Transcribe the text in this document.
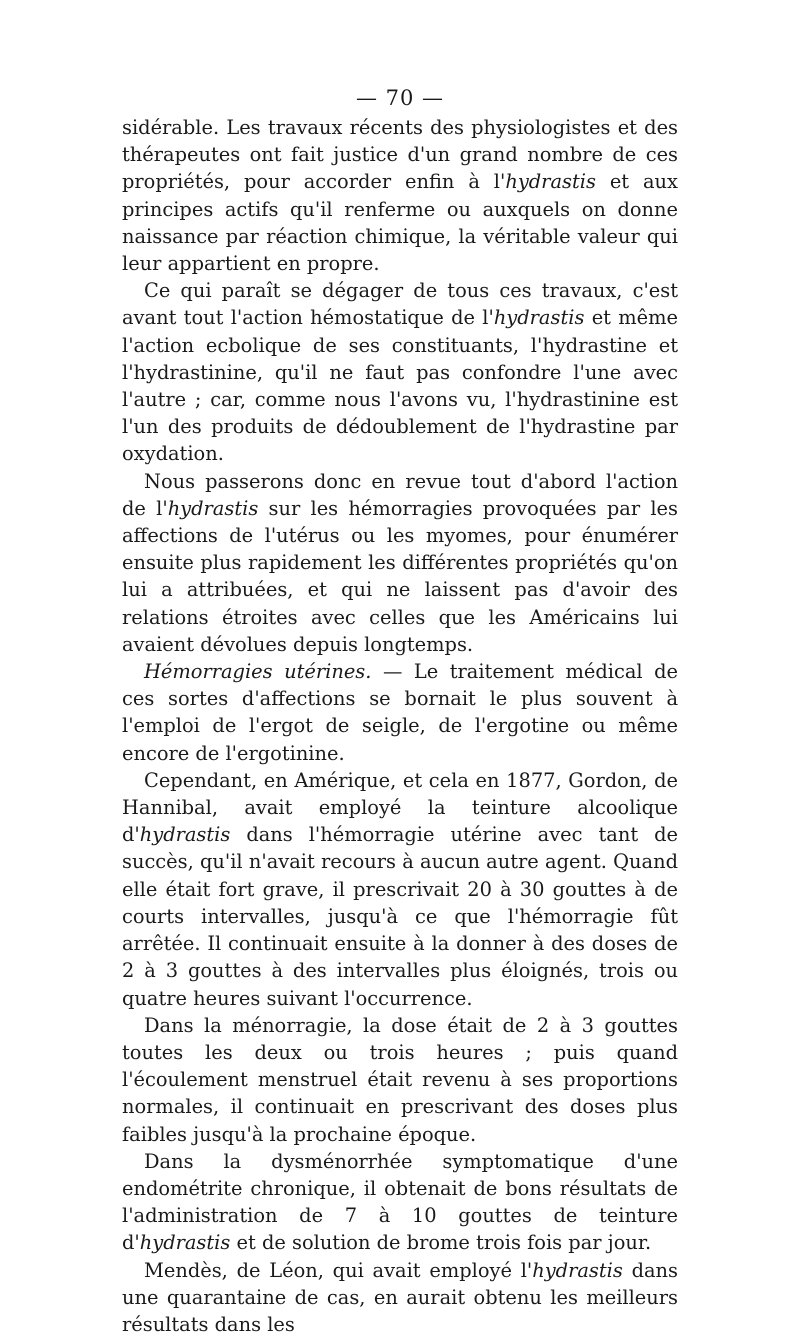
— 70 —

sidérable. Les travaux récents des physiologistes et des thérapeutes ont fait justice d'un grand nombre de ces propriétés, pour accorder enfin à l'hydrastis et aux principes actifs qu'il renferme ou auxquels on donne naissance par réaction chimique, la véritable valeur qui leur appartient en propre.

Ce qui paraît se dégager de tous ces travaux, c'est avant tout l'action hémostatique de l'hydrastis et même l'action ecbolique de ses constituants, l'hydrastine et l'hydrastinine, qu'il ne faut pas confondre l'une avec l'autre ; car, comme nous l'avons vu, l'hydrastinine est l'un des produits de dédoublement de l'hydrastine par oxydation.

Nous passerons donc en revue tout d'abord l'action de l'hydrastis sur les hémorragies provoquées par les affections de l'utérus ou les myomes, pour énumérer ensuite plus rapidement les différentes propriétés qu'on lui a attribuées, et qui ne laissent pas d'avoir des relations étroites avec celles que les Américains lui avaient dévolues depuis longtemps.

Hémorragies utérines. — Le traitement médical de ces sortes d'affections se bornait le plus souvent à l'emploi de l'ergot de seigle, de l'ergotine ou même encore de l'ergotinine.

Cependant, en Amérique, et cela en 1877, Gordon, de Hannibal, avait employé la teinture alcoolique d'hydrastis dans l'hémorragie utérine avec tant de succès, qu'il n'avait recours à aucun autre agent. Quand elle était fort grave, il prescrivait 20 à 30 gouttes à de courts intervalles, jusqu'à ce que l'hémorragie fût arrêtée. Il continuait ensuite à la donner à des doses de 2 à 3 gouttes à des intervalles plus éloignés, trois ou quatre heures suivant l'occurrence.

Dans la ménorragie, la dose était de 2 à 3 gouttes toutes les deux ou trois heures ; puis quand l'écoulement menstruel était revenu à ses proportions normales, il continuait en prescrivant des doses plus faibles jusqu'à la prochaine époque.

Dans la dysménorrhée symptomatique d'une endométrite chronique, il obtenait de bons résultats de l'administration de 7 à 10 gouttes de teinture d'hydrastis et de solution de brome trois fois par jour.

Mendès, de Léon, qui avait employé l'hydrastis dans une quarantaine de cas, en aurait obtenu les meilleurs résultats dans les
